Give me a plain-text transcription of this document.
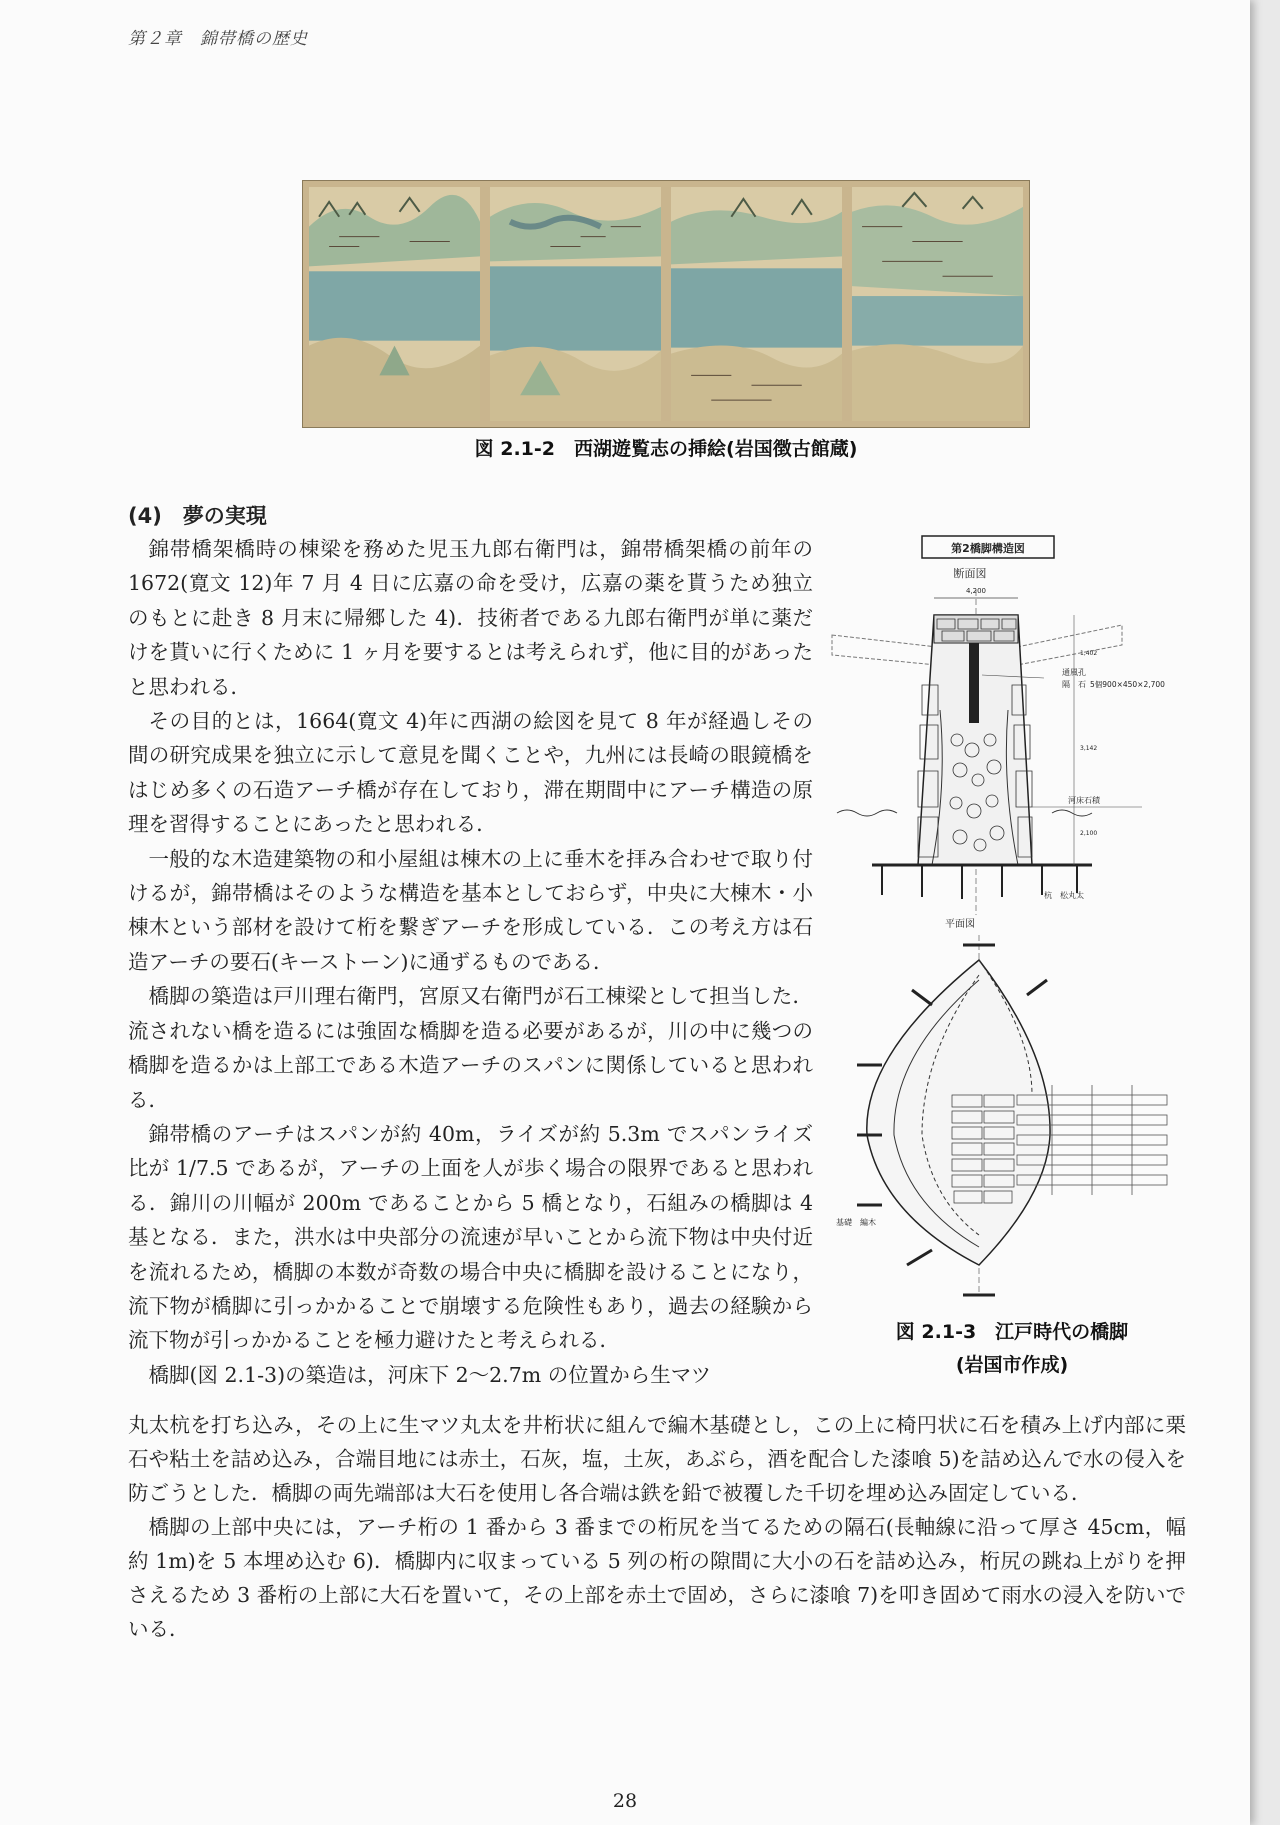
第２章　錦帯橋の歴史
図 2.1-2　西湖遊覧志の挿絵(岩国徴古館蔵)
(4)　夢の実現

錦帯橋架橋時の棟梁を務めた児玉九郎右衛門は，錦帯橋架橋の前年の 1672(寛文 12)年 7 月 4 日に広嘉の命を受け，広嘉の薬を貰うため独立のもとに赴き 8 月末に帰郷した 4)．技術者である九郎右衛門が単に薬だけを貰いに行くために 1 ヶ月を要するとは考えられず，他に目的があったと思われる．

その目的とは，1664(寛文 4)年に西湖の絵図を見て 8 年が経過しその間の研究成果を独立に示して意見を聞くことや，九州には長崎の眼鏡橋をはじめ多くの石造アーチ橋が存在しており，滞在期間中にアーチ構造の原理を習得することにあったと思われる．

一般的な木造建築物の和小屋組は棟木の上に垂木を拝み合わせで取り付けるが，錦帯橋はそのような構造を基本としておらず，中央に大棟木・小棟木という部材を設けて桁を繋ぎアーチを形成している．この考え方は石造アーチの要石(キーストーン)に通ずるものである．

橋脚の築造は戸川理右衛門，宮原又右衛門が石工棟梁として担当した．流されない橋を造るには強固な橋脚を造る必要があるが，川の中に幾つの橋脚を造るかは上部工である木造アーチのスパンに関係していると思われる．

錦帯橋のアーチはスパンが約 40m，ライズが約 5.3m でスパンライズ比が 1/7.5 であるが，アーチの上面を人が歩く場合の限界であると思われる．錦川の川幅が 200m であることから 5 橋となり，石組みの橋脚は 4 基となる．また，洪水は中央部分の流速が早いことから流下物は中央付近を流れるため，橋脚の本数が奇数の場合中央に橋脚を設けることになり，流下物が橋脚に引っかかることで崩壊する危険性もあり，過去の経験から流下物が引っかかることを極力避けたと考えられる．

橋脚(図 2.1-3)の築造は，河床下 2〜2.7m の位置から生マツ

第2橋脚構造図
断面図
4,200
1,402
3,142
2,100
通風孔
隔　石 5個900×450×2,700
河床石積
杭　松丸太
平面図
基礎　編木
図 2.1-3　江戸時代の橋脚
(岩国市作成)

丸太杭を打ち込み，その上に生マツ丸太を井桁状に組んで編木基礎とし，この上に椅円状に石を積み上げ内部に栗石や粘土を詰め込み，合端目地には赤土，石灰，塩，土灰，あぶら，酒を配合した漆喰 5)を詰め込んで水の侵入を防ごうとした．橋脚の両先端部は大石を使用し各合端は鉄を鉛で被覆した千切を埋め込み固定している．

橋脚の上部中央には，アーチ桁の 1 番から 3 番までの桁尻を当てるための隔石(長軸線に沿って厚さ 45cm，幅約 1m)を 5 本埋め込む 6)．橋脚内に収まっている 5 列の桁の隙間に大小の石を詰め込み，桁尻の跳ね上がりを押さえるため 3 番桁の上部に大石を置いて，その上部を赤土で固め，さらに漆喰 7)を叩き固めて雨水の浸入を防いでいる．

28
